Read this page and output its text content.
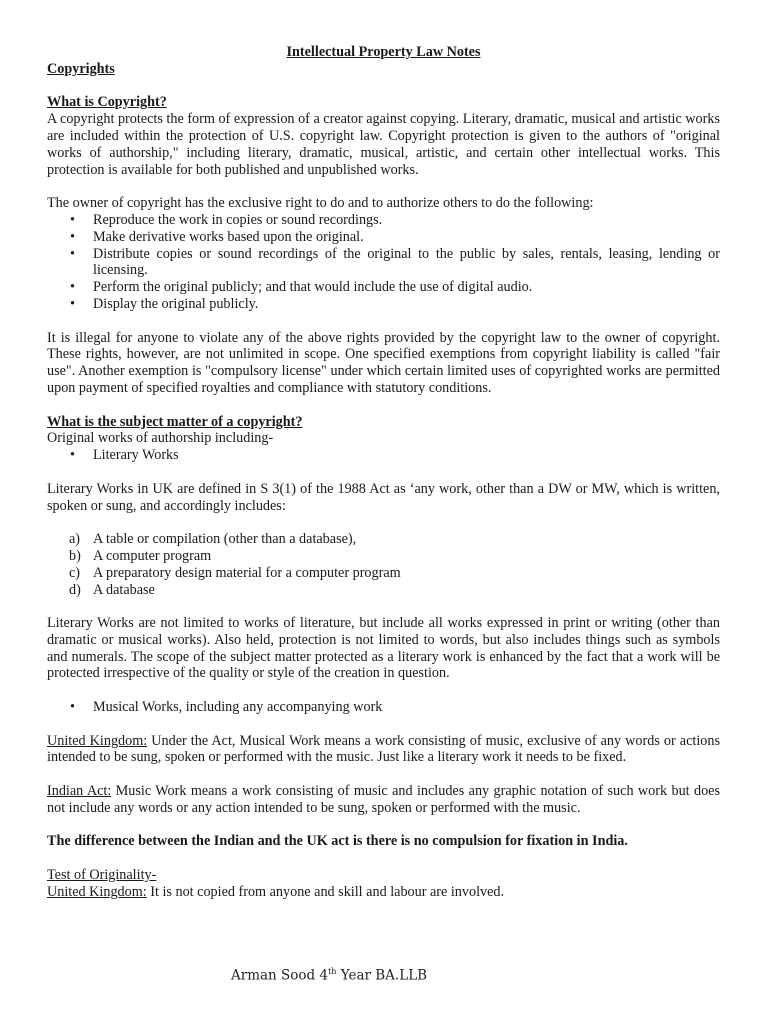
Intellectual Property Law Notes

Copyrights

What is Copyright?

A copyright protects the form of expression of a creator against copying. Literary, dramatic, musical and artistic works are included within the protection of U.S. copyright law. Copyright protection is given to the authors of "original works of authorship," including literary, dramatic, musical, artistic, and certain other intellectual works. This protection is available for both published and unpublished works.

The owner of copyright has the exclusive right to do and to authorize others to do the following:

• Reproduce the work in copies or sound recordings.
• Make derivative works based upon the original.
• Distribute copies or sound recordings of the original to the public by sales, rentals, leasing, lending or licensing.
• Perform the original publicly; and that would include the use of digital audio.
• Display the original publicly.

It is illegal for anyone to violate any of the above rights provided by the copyright law to the owner of copyright. These rights, however, are not unlimited in scope. One specified exemptions from copyright liability is called "fair use". Another exemption is "compulsory license" under which certain limited uses of copyrighted works are permitted upon payment of specified royalties and compliance with statutory conditions.

What is the subject matter of a copyright?

Original works of authorship including-

• Literary Works

Literary Works in UK are defined in S 3(1) of the 1988 Act as ‘any work, other than a DW or MW, which is written, spoken or sung, and accordingly includes:

a) A table or compilation (other than a database),
b) A computer program
c) A preparatory design material for a computer program
d) A database

Literary Works are not limited to works of literature, but include all works expressed in print or writing (other than dramatic or musical works). Also held, protection is not limited to words, but also includes things such as symbols and numerals. The scope of the subject matter protected as a literary work is enhanced by the fact that a work will be protected irrespective of the quality or style of the creation in question.

• Musical Works, including any accompanying work

United Kingdom: Under the Act, Musical Work means a work consisting of music, exclusive of any words or actions intended to be sung, spoken or performed with the music. Just like a literary work it needs to be fixed.

Indian Act: Music Work means a work consisting of music and includes any graphic notation of such work but does not include any words or any action intended to be sung, spoken or performed with the music.

The difference between the Indian and the UK act is there is no compulsion for fixation in India.

Test of Originality-

United Kingdom: It is not copied from anyone and skill and labour are involved.

Arman Sood 4th Year BA.LLB
